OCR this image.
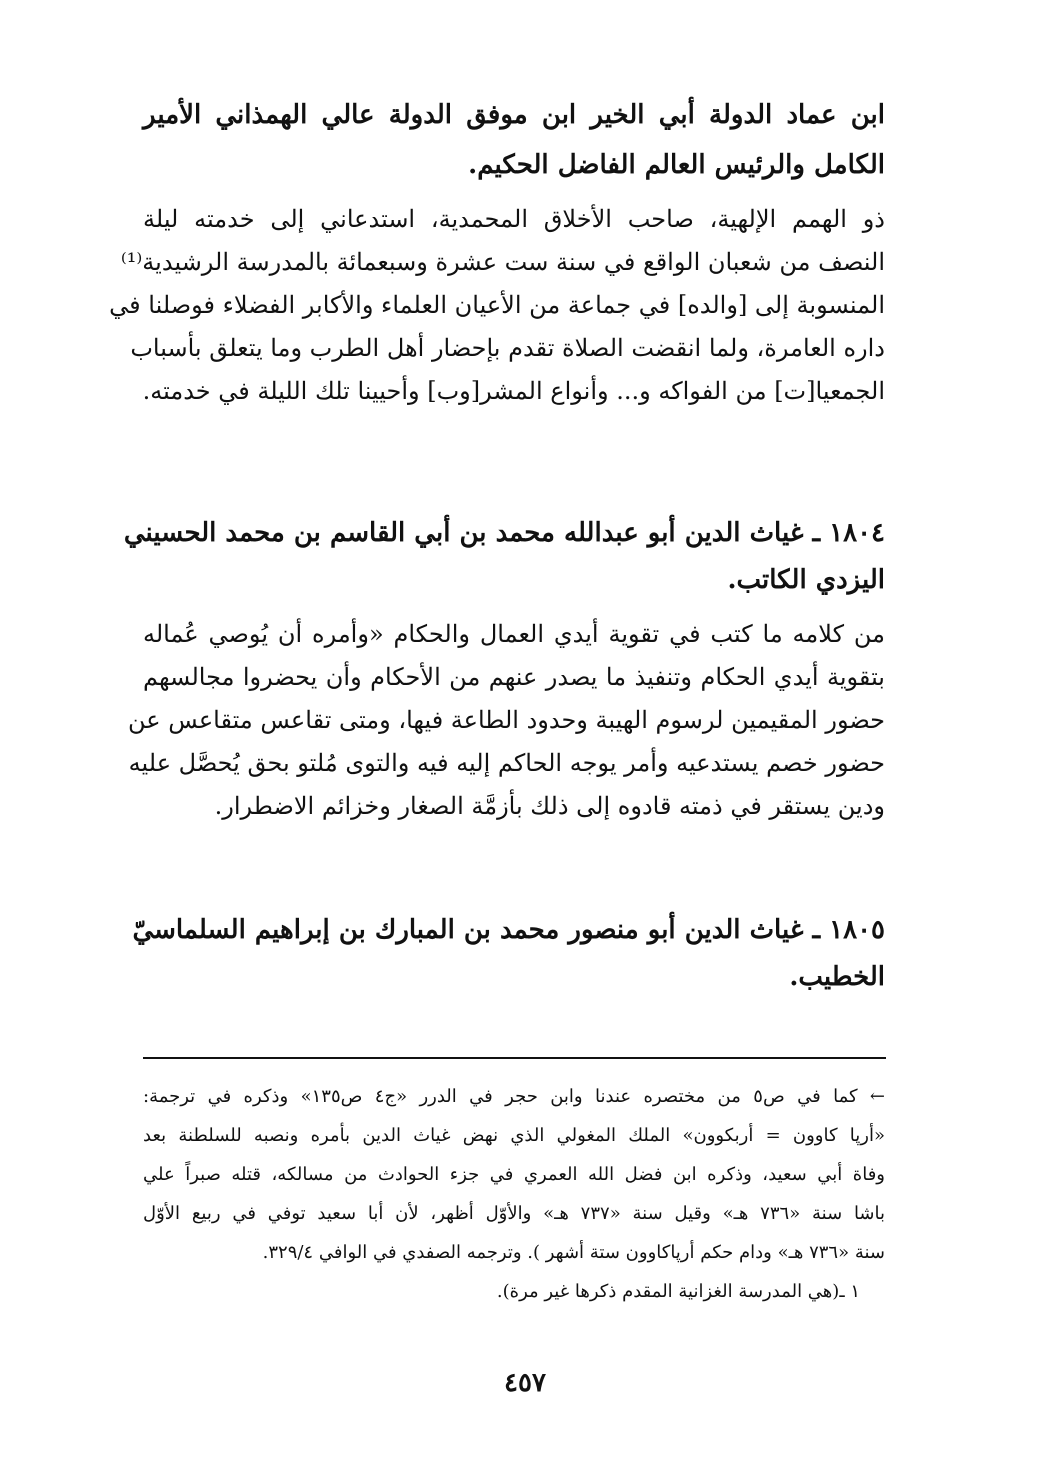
ابن عماد الدولة أبي الخير ابن موفق الدولة عالي الهمذاني الأمير
الكامل والرئيس العالم الفاضل الحكيم.
ذو الهمم الإلهية، صاحب الأخلاق المحمدية، استدعاني إلى خدمته ليلة
النصف من شعبان الواقع في سنة ست عشرة وسبعمائة بالمدرسة الرشيدية⁽¹⁾
المنسوبة إلى [والده] في جماعة من الأعيان العلماء والأكابر الفضلاء فوصلنا في
داره العامرة، ولما انقضت الصلاة تقدم بإحضار أهل الطرب وما يتعلق بأسباب
الجمعيا[ت] من الفواكه و... وأنواع المشر[وب] وأحيينا تلك الليلة في خدمته.
١٨٠٤ ـ غياث الدين أبو عبدالله محمد بن أبي القاسم بن محمد الحسيني
اليزدي الكاتب.
من كلامه ما كتب في تقوية أيدي العمال والحكام «وأمره أن يُوصي عُماله
بتقوية أيدي الحكام وتنفيذ ما يصدر عنهم من الأحكام وأن يحضروا مجالسهم
حضور المقيمين لرسوم الهيبة وحدود الطاعة فيها، ومتى تقاعس متقاعس عن
حضور خصم يستدعيه وأمر يوجه الحاكم إليه فيه والتوى مُلتو بحق يُحصَّل عليه
ودين يستقر في ذمته قادوه إلى ذلك بأزمَّة الصغار وخزائم الاضطرار.
١٨٠٥ ـ غياث الدين أبو منصور محمد بن المبارك بن إبراهيم السلماسيّ
الخطيب.
← كما في ص٥ من مختصره عندنا وابن حجر في الدرر «ج٤ ص١٣٥» وذكره في ترجمة:
«أرپا كاوون = أربكوون» الملك المغولي الذي نهض غياث الدين بأمره ونصبه للسلطنة بعد
وفاة أبي سعيد، وذكره ابن فضل الله العمري في جزء الحوادث من مسالكه، قتله صبراً علي
باشا سنة «٧٣٦ هـ» وقيل سنة «٧٣٧ هـ» والأوّل أظهر، لأن أبا سعيد توفي في ربيع الأوّل
سنة «٧٣٦ هـ» ودام حكم أرپاكاوون ستة أشهر ). وترجمه الصفدي في الوافي ٣٢٩/٤.
١ ـ(هي المدرسة الغزانية المقدم ذكرها غير مرة).
٤٥٧
